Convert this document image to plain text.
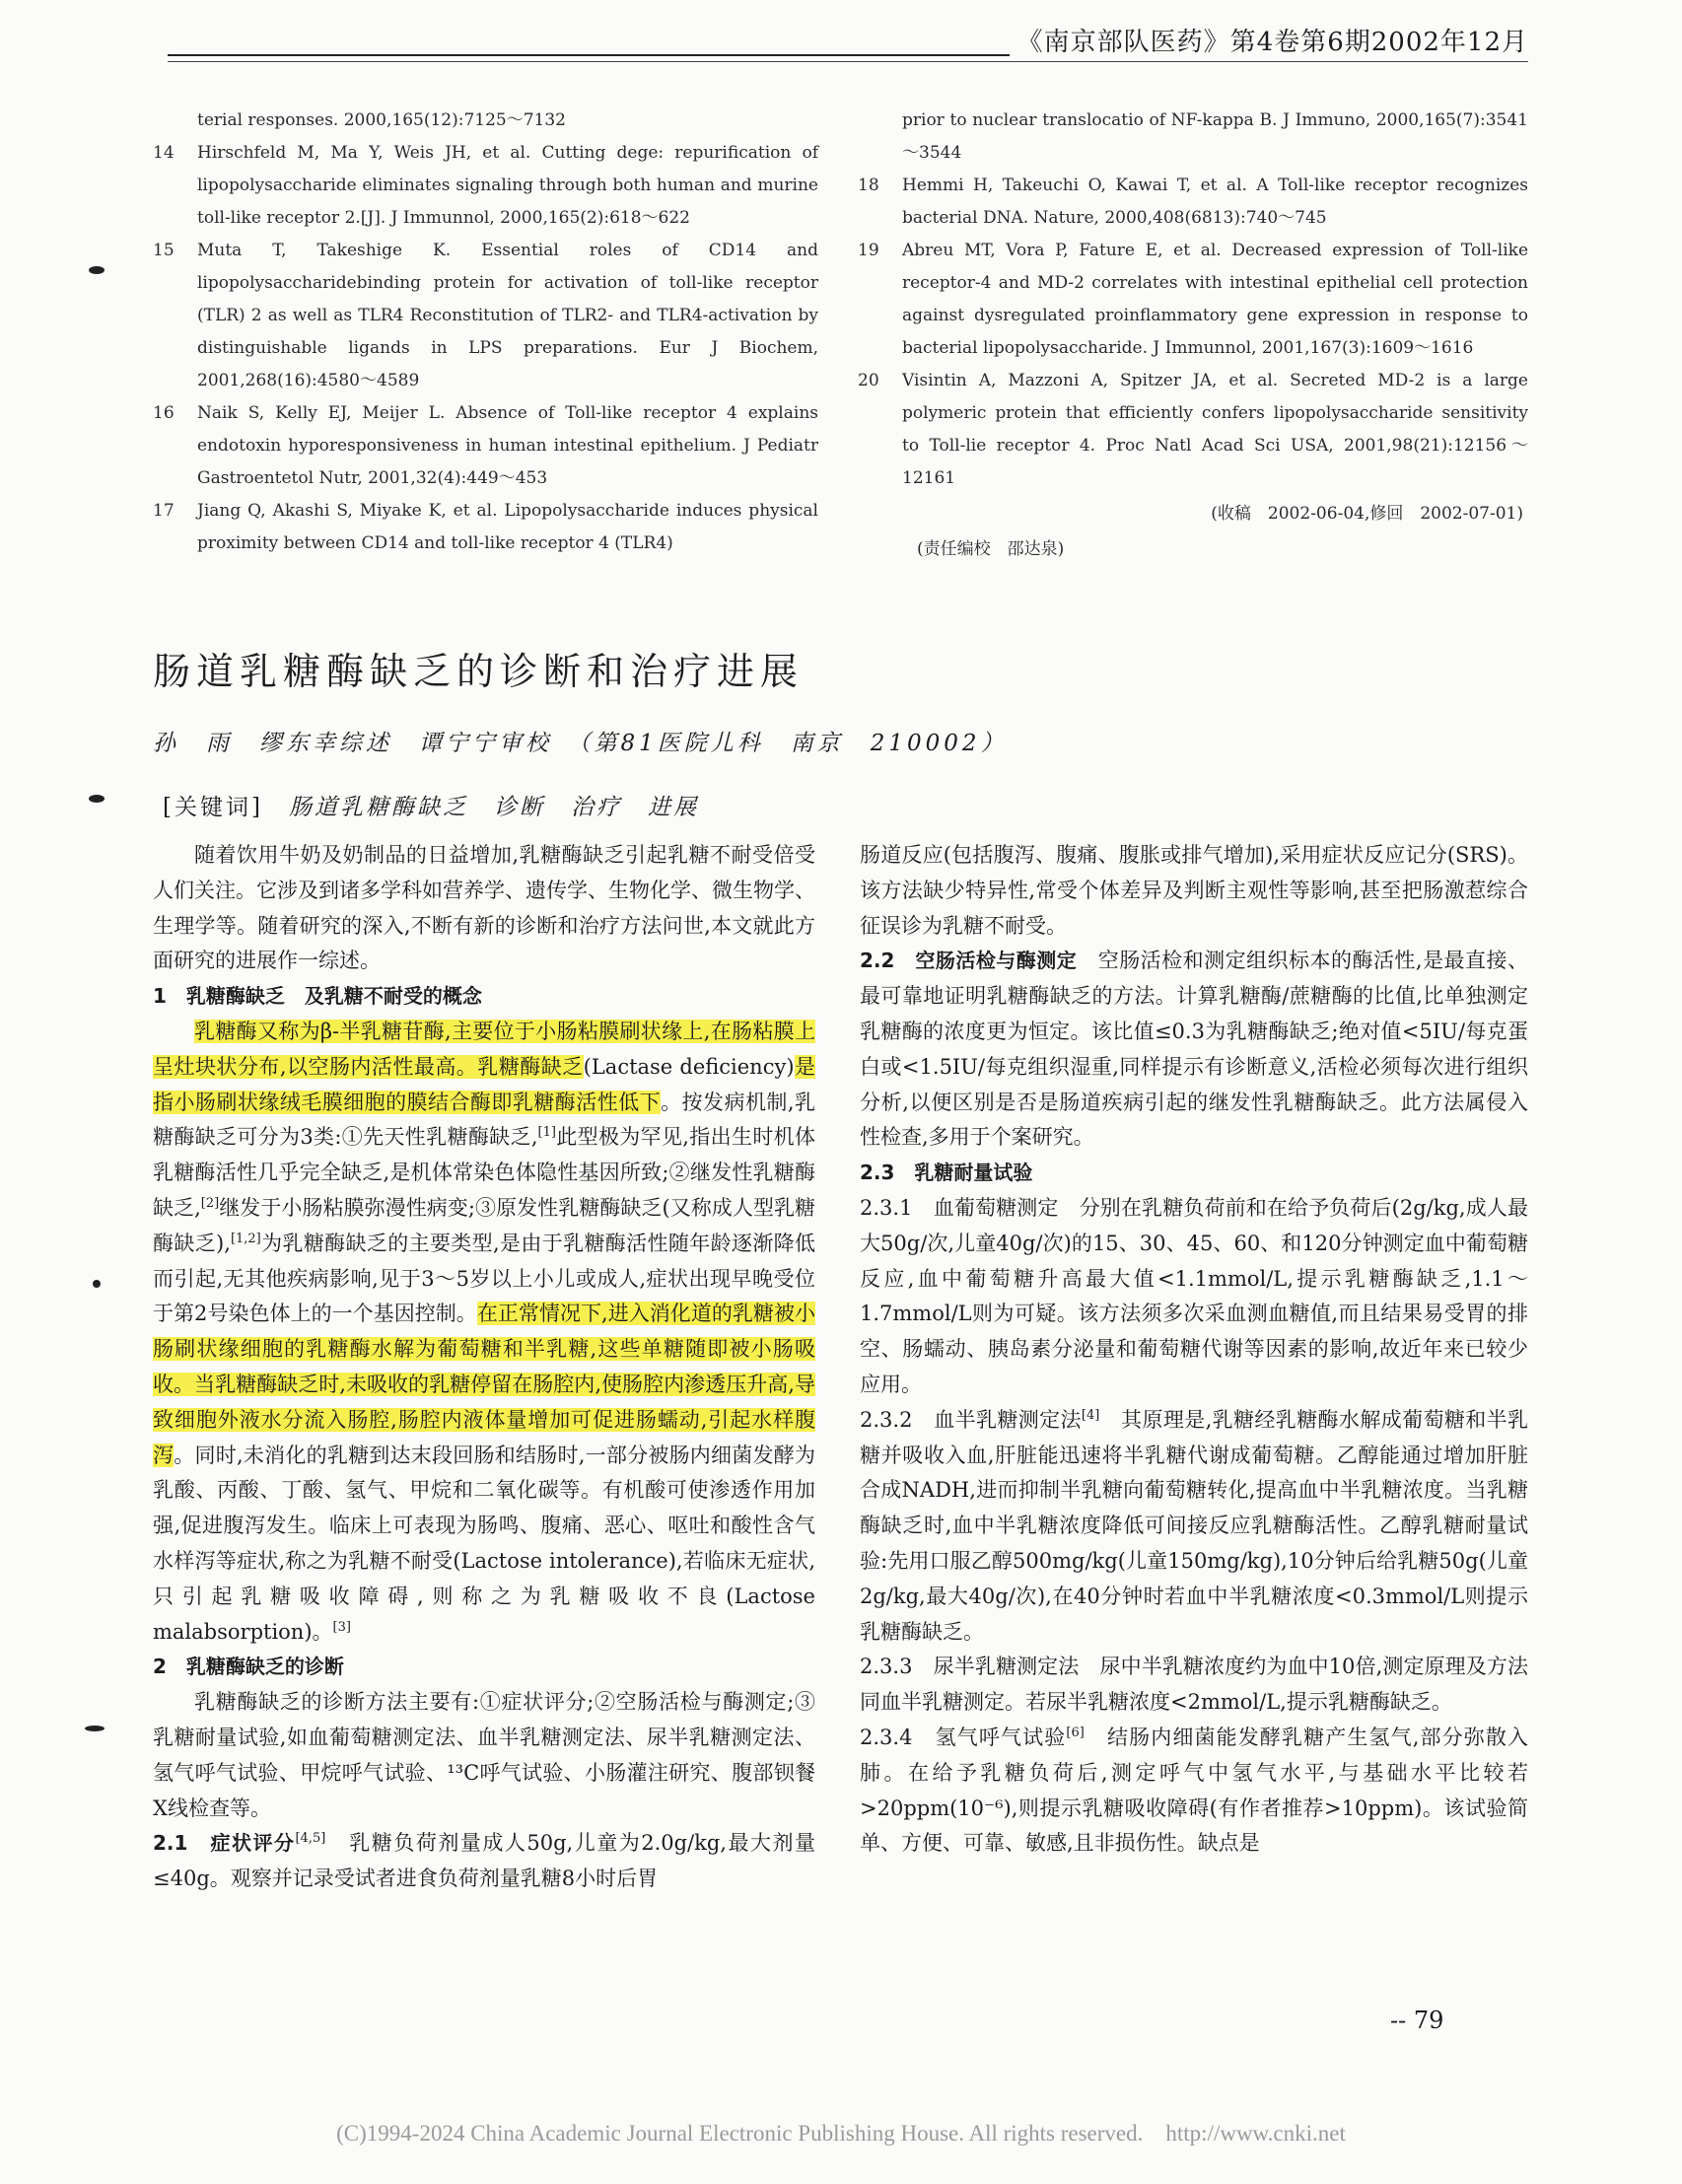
《南京部队医药》第4卷第6期2002年12月
terial responses. 2000,165(12):7125～7132
14	Hirschfeld M, Ma Y, Weis JH, et al. Cutting dege: repurification of lipopolysaccharide eliminates signaling through both human and murine toll-like receptor 2.[J]. J Immunnol, 2000,165(2):618～622
15	Muta T, Takeshige K. Essential roles of CD14 and lipopolysaccharidebinding protein for activation of toll-like receptor (TLR) 2 as well as TLR4 Reconstitution of TLR2- and TLR4-activation by distinguishable ligands in LPS preparations. Eur J Biochem, 2001,268(16):4580～4589
16	Naik S, Kelly EJ, Meijer L. Absence of Toll-like receptor 4 explains endotoxin hyporesponsiveness in human intestinal epithelium. J Pediatr Gastroentetol Nutr, 2001,32(4):449～453
17	Jiang Q, Akashi S, Miyake K, et al. Lipopolysaccharide induces physical proximity between CD14 and toll-like receptor 4 (TLR4)
prior to nuclear translocatio of NF-kappa B. J Immuno, 2000,165(7):3541～3544
18	Hemmi H, Takeuchi O, Kawai T, et al. A Toll-like receptor recognizes bacterial DNA. Nature, 2000,408(6813):740～745
19	Abreu MT, Vora P, Fature E, et al. Decreased expression of Toll-like receptor-4 and MD-2 correlates with intestinal epithelial cell protection against dysregulated proinflammatory gene expression in response to bacterial lipopolysaccharide. J Immunnol, 2001,167(3):1609～1616
20	Visintin A, Mazzoni A, Spitzer JA, et al. Secreted MD-2 is a large polymeric protein that efficiently confers lipopolysaccharide sensitivity to Toll-lie receptor 4. Proc Natl Acad Sci USA, 2001,98(21):12156～12161
(收稿　2002-06-04,修回　2002-07-01)
(责任编校　邵达泉)
肠道乳糖酶缺乏的诊断和治疗进展
孙　雨　缪东幸综述　谭宁宁审校　（第81医院儿科　南京　210002）
[关键词]　肠道乳糖酶缺乏　诊断　治疗　进展

随着饮用牛奶及奶制品的日益增加,乳糖酶缺乏引起乳糖不耐受倍受人们关注。它涉及到诸多学科如营养学、遗传学、生物化学、微生物学、生理学等。随着研究的深入,不断有新的诊断和治疗方法问世,本文就此方面研究的进展作一综述。

1　乳糖酶缺乏　及乳糖不耐受的概念

乳糖酶又称为β-半乳糖苷酶,主要位于小肠粘膜刷状缘上,在肠粘膜上呈灶块状分布,以空肠内活性最高。乳糖酶缺乏(Lactase deficiency)是指小肠刷状缘绒毛膜细胞的膜结合酶即乳糖酶活性低下。按发病机制,乳糖酶缺乏可分为3类:①先天性乳糖酶缺乏,[1]此型极为罕见,指出生时机体乳糖酶活性几乎完全缺乏,是机体常染色体隐性基因所致;②继发性乳糖酶缺乏,[2]继发于小肠粘膜弥漫性病变;③原发性乳糖酶缺乏(又称成人型乳糖酶缺乏),[1,2]为乳糖酶缺乏的主要类型,是由于乳糖酶活性随年龄逐渐降低而引起,无其他疾病影响,见于3～5岁以上小儿或成人,症状出现早晚受位于第2号染色体上的一个基因控制。在正常情况下,进入消化道的乳糖被小肠刷状缘细胞的乳糖酶水解为葡萄糖和半乳糖,这些单糖随即被小肠吸收。当乳糖酶缺乏时,未吸收的乳糖停留在肠腔内,使肠腔内渗透压升高,导致细胞外液水分流入肠腔,肠腔内液体量增加可促进肠蠕动,引起水样腹泻。同时,未消化的乳糖到达末段回肠和结肠时,一部分被肠内细菌发酵为乳酸、丙酸、丁酸、氢气、甲烷和二氧化碳等。有机酸可使渗透作用加强,促进腹泻发生。临床上可表现为肠鸣、腹痛、恶心、呕吐和酸性含气水样泻等症状,称之为乳糖不耐受(Lactose intolerance),若临床无症状,只引起乳糖吸收障碍,则称之为乳糖吸收不良(Lactose malabsorption)。[3]

2　乳糖酶缺乏的诊断

乳糖酶缺乏的诊断方法主要有:①症状评分;②空肠活检与酶测定;③乳糖耐量试验,如血葡萄糖测定法、血半乳糖测定法、尿半乳糖测定法、氢气呼气试验、甲烷呼气试验、¹³C呼气试验、小肠灌注研究、腹部钡餐X线检查等。

2.1　症状评分[4,5]　乳糖负荷剂量成人50g,儿童为2.0g/kg,最大剂量≤40g。观察并记录受试者进食负荷剂量乳糖8小时后胃

肠道反应(包括腹泻、腹痛、腹胀或排气增加),采用症状反应记分(SRS)。该方法缺少特异性,常受个体差异及判断主观性等影响,甚至把肠激惹综合征误诊为乳糖不耐受。

2.2　空肠活检与酶测定　空肠活检和测定组织标本的酶活性,是最直接、最可靠地证明乳糖酶缺乏的方法。计算乳糖酶/蔗糖酶的比值,比单独测定乳糖酶的浓度更为恒定。该比值≤0.3为乳糖酶缺乏;绝对值<5IU/每克蛋白或<1.5IU/每克组织湿重,同样提示有诊断意义,活检必须每次进行组织分析,以便区别是否是肠道疾病引起的继发性乳糖酶缺乏。此方法属侵入性检查,多用于个案研究。

2.3　乳糖耐量试验

2.3.1　血葡萄糖测定　分别在乳糖负荷前和在给予负荷后(2g/kg,成人最大50g/次,儿童40g/次)的15、30、45、60、和120分钟测定血中葡萄糖反应,血中葡萄糖升高最大值<1.1mmol/L,提示乳糖酶缺乏,1.1～1.7mmol/L则为可疑。该方法须多次采血测血糖值,而且结果易受胃的排空、肠蠕动、胰岛素分泌量和葡萄糖代谢等因素的影响,故近年来已较少应用。

2.3.2　血半乳糖测定法[4]　其原理是,乳糖经乳糖酶水解成葡萄糖和半乳糖并吸收入血,肝脏能迅速将半乳糖代谢成葡萄糖。乙醇能通过增加肝脏合成NADH,进而抑制半乳糖向葡萄糖转化,提高血中半乳糖浓度。当乳糖酶缺乏时,血中半乳糖浓度降低可间接反应乳糖酶活性。乙醇乳糖耐量试验:先用口服乙醇500mg/kg(儿童150mg/kg),10分钟后给乳糖50g(儿童2g/kg,最大40g/次),在40分钟时若血中半乳糖浓度<0.3mmol/L则提示乳糖酶缺乏。

2.3.3　尿半乳糖测定法　尿中半乳糖浓度约为血中10倍,测定原理及方法同血半乳糖测定。若尿半乳糖浓度<2mmol/L,提示乳糖酶缺乏。

2.3.4　氢气呼气试验[6]　结肠内细菌能发酵乳糖产生氢气,部分弥散入肺。在给予乳糖负荷后,测定呼气中氢气水平,与基础水平比较若>20ppm(10⁻⁶),则提示乳糖吸收障碍(有作者推荐>10ppm)。该试验简单、方便、可靠、敏感,且非损伤性。缺点是

-- 79
(C)1994-2024 China Academic Journal Electronic Publishing House. All rights reserved.　http://www.cnki.net
